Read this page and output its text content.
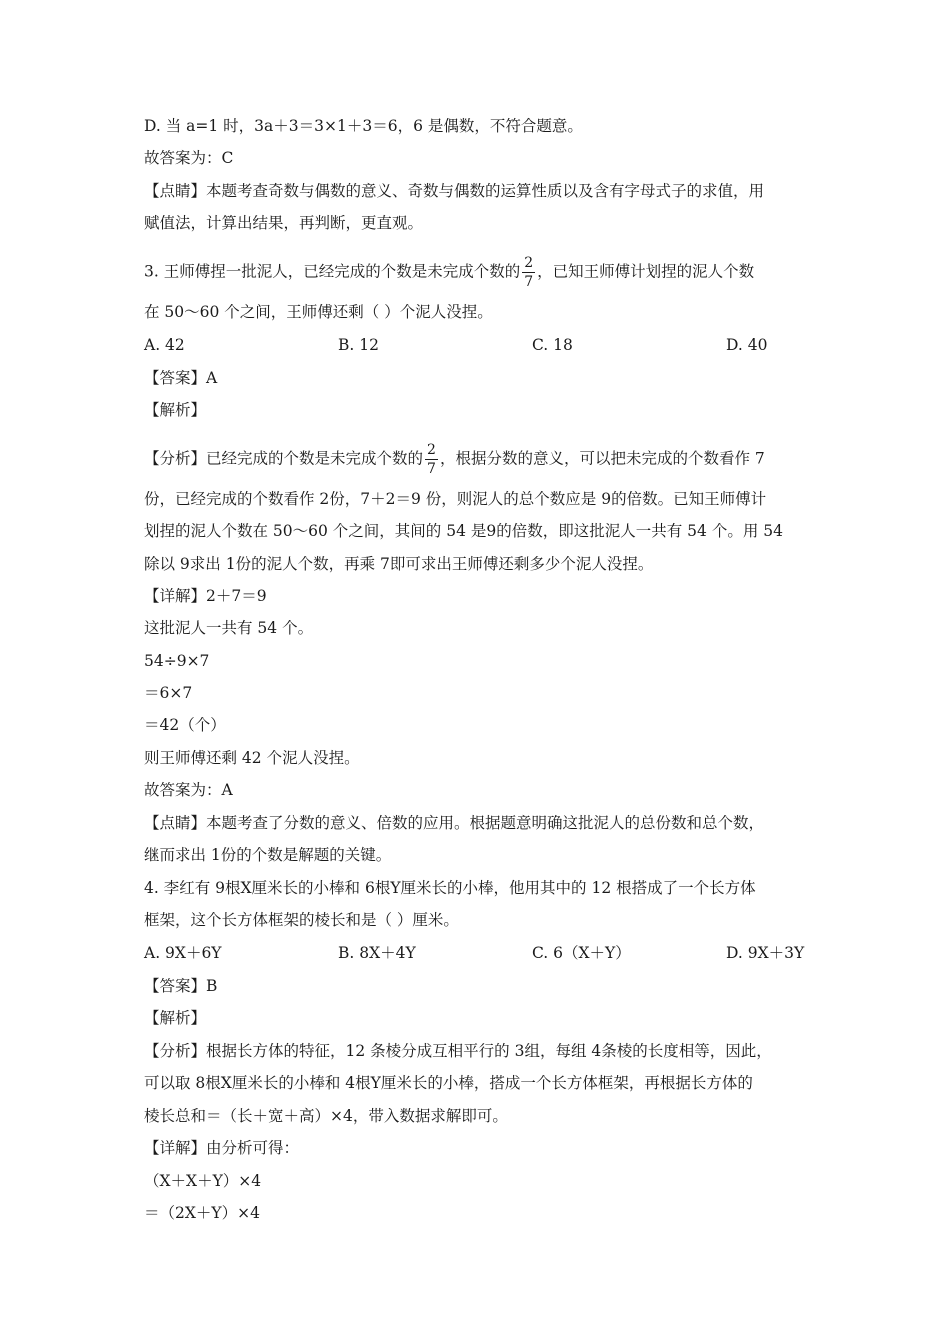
D. 当 a=1 时，3a＋3＝3×1＋3＝6，6 是偶数，不符合题意。
故答案为：C
【点睛】本题考查奇数与偶数的意义、奇数与偶数的运算性质以及含有字母式子的求值，用
赋值法，计算出结果，再判断，更直观。
3. 王师傅捏一批泥人，已经完成的个数是未完成个数的 $\frac{2}{7}$ ，已知王师傅计划捏的泥人个数
在 50～60 个之间，王师傅还剩（ ）个泥人没捏。
A. 42	B. 12	C. 18	D. 40
【答案】A
【解析】
【分析】已经完成的个数是未完成个数的 $\frac{2}{7}$ ，根据分数的意义，可以把未完成的个数看作 7
份，已经完成的个数看作 2份，7＋2＝9 份，则泥人的总个数应是 9的倍数。已知王师傅计
划捏的泥人个数在 50～60 个之间，其间的 54 是9的倍数，即这批泥人一共有 54 个。用 54
除以 9求出 1份的泥人个数，再乘 7即可求出王师傅还剩多少个泥人没捏。
【详解】2＋7＝9
这批泥人一共有 54 个。
54÷9×7
＝6×7
＝42（个）
则王师傅还剩 42 个泥人没捏。
故答案为：A
【点睛】本题考查了分数的意义、倍数的应用。根据题意明确这批泥人的总份数和总个数，
继而求出 1份的个数是解题的关键。
4. 李红有 9根X厘米长的小棒和 6根Y厘米长的小棒，他用其中的 12 根搭成了一个长方体
框架，这个长方体框架的棱长和是（ ）厘米。
A. 9X＋6Y	B. 8X＋4Y	C. 6（X＋Y）	D. 9X＋3Y
【答案】B
【解析】
【分析】根据长方体的特征，12 条棱分成互相平行的 3组，每组 4条棱的长度相等，因此，
可以取 8根X厘米长的小棒和 4根Y厘米长的小棒，搭成一个长方体框架，再根据长方体的
棱长总和＝（长＋宽＋高）×4，带入数据求解即可。
【详解】由分析可得：
（X＋X＋Y）×4
＝（2X＋Y）×4
